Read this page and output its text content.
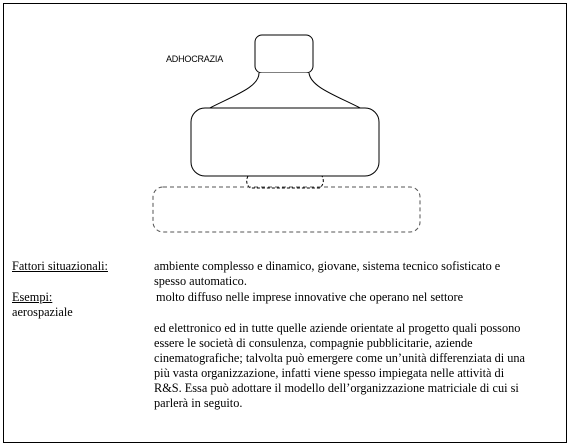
ADHOCRAZIA
Fattori situazionali:	ambiente complesso e dinamico, giovane, sistema tecnico sofisticato e
spesso automatico.
Esempi:	molto diffuso nelle imprese innovative che operano nel settore
aerospaziale
ed elettronico ed in tutte quelle aziende orientate al progetto quali possono
essere le società di consulenza, compagnie pubblicitarie, aziende
cinematografiche; talvolta può emergere come un’unità differenziata di una
più vasta organizzazione, infatti viene spesso impiegata nelle attività di
R&S. Essa può adottare il modello dell’organizzazione matriciale di cui si
parlerà in seguito.
